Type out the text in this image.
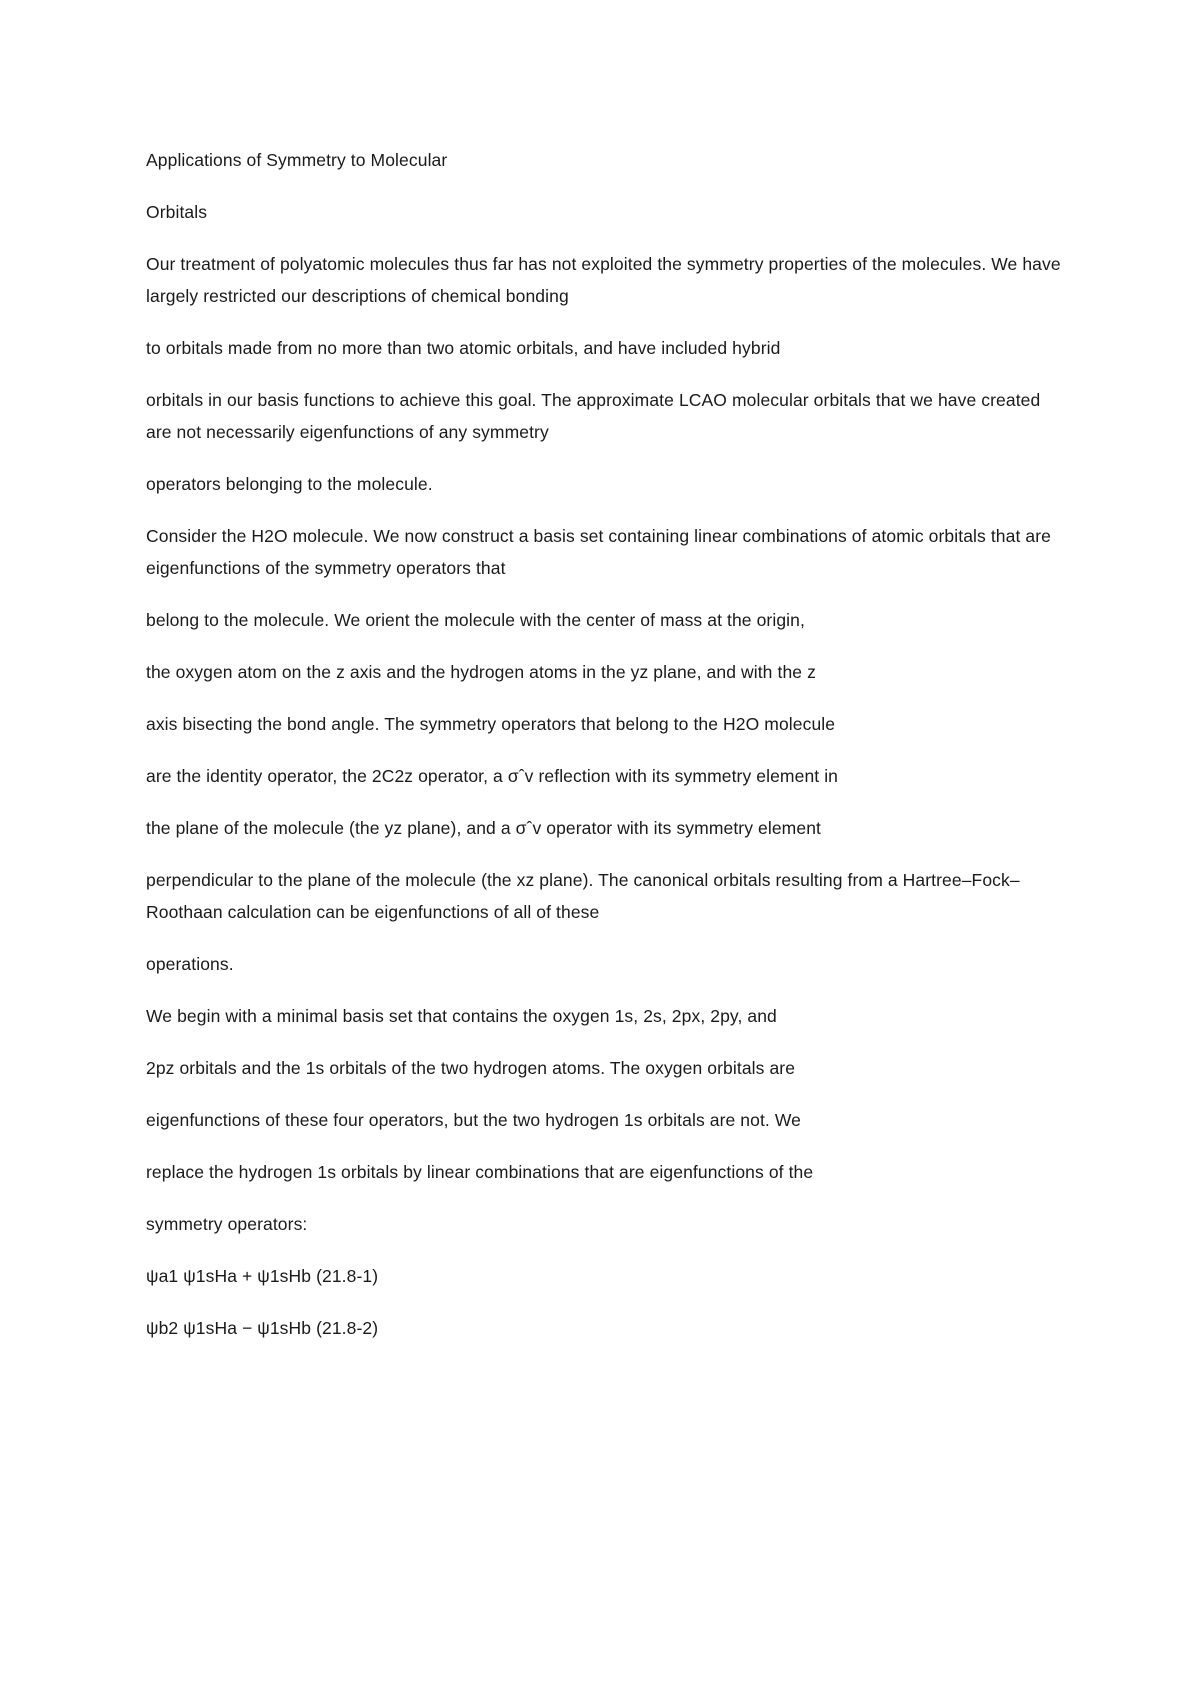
Applications of Symmetry to Molecular

Orbitals

Our treatment of polyatomic molecules thus far has not exploited the symmetry properties of the molecules. We have largely restricted our descriptions of chemical bonding

to orbitals made from no more than two atomic orbitals, and have included hybrid

orbitals in our basis functions to achieve this goal. The approximate LCAO molecular orbitals that we have created are not necessarily eigenfunctions of any symmetry

operators belonging to the molecule.

Consider the H2O molecule. We now construct a basis set containing linear combinations of atomic orbitals that are eigenfunctions of the symmetry operators that

belong to the molecule. We orient the molecule with the center of mass at the origin,

the oxygen atom on the z axis and the hydrogen atoms in the yz plane, and with the z

axis bisecting the bond angle. The symmetry operators that belong to the H2O molecule

are the identity operator, the 2C2z operator, a σˆv reflection with its symmetry element in

the plane of the molecule (the yz plane), and a σˆv operator with its symmetry element

perpendicular to the plane of the molecule (the xz plane). The canonical orbitals resulting from a Hartree–Fock–Roothaan calculation can be eigenfunctions of all of these

operations.

We begin with a minimal basis set that contains the oxygen 1s, 2s, 2px, 2py, and

2pz orbitals and the 1s orbitals of the two hydrogen atoms. The oxygen orbitals are

eigenfunctions of these four operators, but the two hydrogen 1s orbitals are not. We

replace the hydrogen 1s orbitals by linear combinations that are eigenfunctions of the

symmetry operators:

ψa1 ψ1sHa + ψ1sHb (21.8-1)

ψb2 ψ1sHa − ψ1sHb (21.8-2)
